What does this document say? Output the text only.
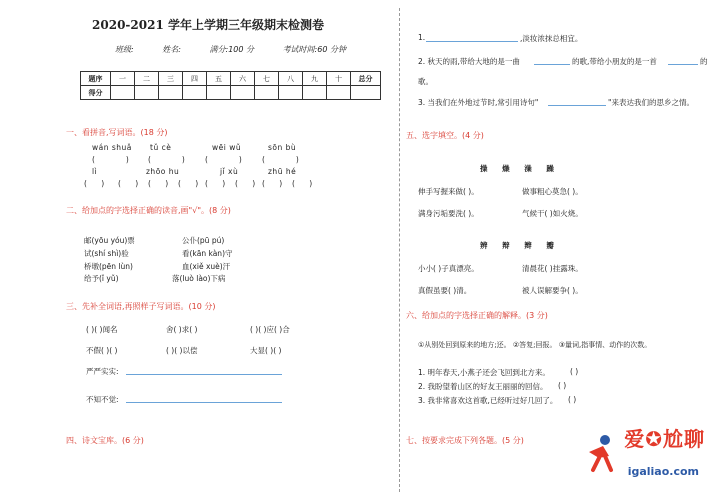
2020-2021 学年上学期三年级期末检测卷
班级:	姓名:	满分:100 分	考试时间:60 分钟
题序	一	二	三	四	五	六	七	八	九	十	总分
得分											
一、看拼音,写词语。(18 分)
wán shuǎ tǔ cè	wēi wǔ	sōn bù
(             )	(             )	(             )	(             )
lì	zhōo hu	jǐ xù	zhū hé
(      ) (      ) (      ) (      ) (      ) (      ) (      ) (      )
二、给加点的字选择正确的读音,画"√"。(8 分)
邮(yōu yóu)票	公仆(pū pú)
试(shí shì)验	看(kān kàn)守
桥墩(pēn lùn)	血(xiě xuè)汗
给予(ǐ yǔ)	落(luò lào)下病
三、先补全词语,再照样子写词语。(10 分)
( )( )闻名	舍( )求( )	( )( )应( )合
不假( )( )	( )( )以偿	大显( )( )
严严实实:
不知不觉:
四、诗文宝库。(6 分)
1.	,淡妆浓抹总相宜。
2. 秋天的雨,带给大地的是一曲	的歌,带给小朋友的是一首	的
歌。
3. 当我们在外地过节时,常引用诗句"	"来表达我们的思乡之情。
五、选字填空。(4 分)
操 燥 澡 躁
伸手写握来做( )。	做事粗心莫急( )。
满身污垢要洗( )。	气候干( )如火烧。
辨 辩 辫 瓣
小小( )子真漂亮。	清晨花( )挂露珠。
真假虽要( )清。	被人误解要争( )。
六、给加点的字选择正确的解释。(3 分)
①从别处回到原来的地方;还。 ②答复;回报。 ③量词,指事情、动作的次数。
1. 明年春天,小燕子还会飞回到北方来。	( )
2. 我盼望着山区的好友王丽丽的回信。 ( )
3. 我非常喜欢这首歌,已经听过好几回了。 ( )
七、按要求完成下列各题。(5 分)	爱✪尬聊
igaliao.com
